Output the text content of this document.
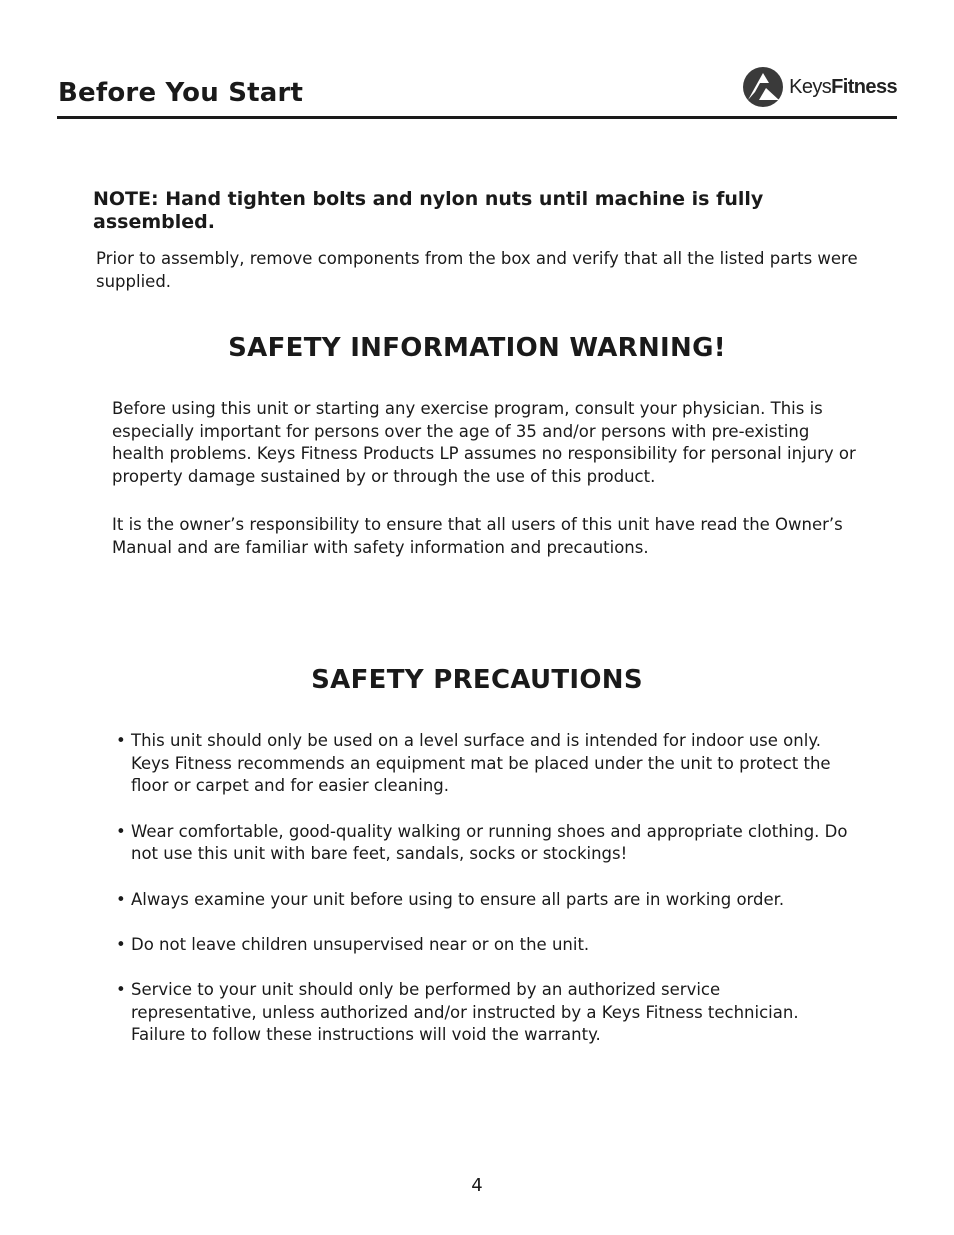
Before You Start	KeysFitness
NOTE: Hand tighten bolts and nylon nuts until machine is fully assembled.
Prior to assembly, remove components from the box and verify that all the listed parts were supplied.
SAFETY INFORMATION WARNING!
Before using this unit or starting any exercise program, consult your physician. This is especially important for persons over the age of 35 and/or persons with pre-existing health problems. Keys Fitness Products LP assumes no responsibility for personal injury or property damage sustained by or through the use of this product.
It is the owner’s responsibility to ensure that all users of this unit have read the Owner’s Manual and are familiar with safety information and precautions.
SAFETY PRECAUTIONS
• This unit should only be used on a level surface and is intended for indoor use only. Keys Fitness recommends an equipment mat be placed under the unit to protect the floor or carpet and for easier cleaning.
• Wear comfortable, good-quality walking or running shoes and appropriate clothing. Do not use this unit with bare feet, sandals, socks or stockings!
• Always examine your unit before using to ensure all parts are in working order.
• Do not leave children unsupervised near or on the unit.
• Service to your unit should only be performed by an authorized service representative, unless authorized and/or instructed by a Keys Fitness technician. Failure to follow these instructions will void the warranty.
4
